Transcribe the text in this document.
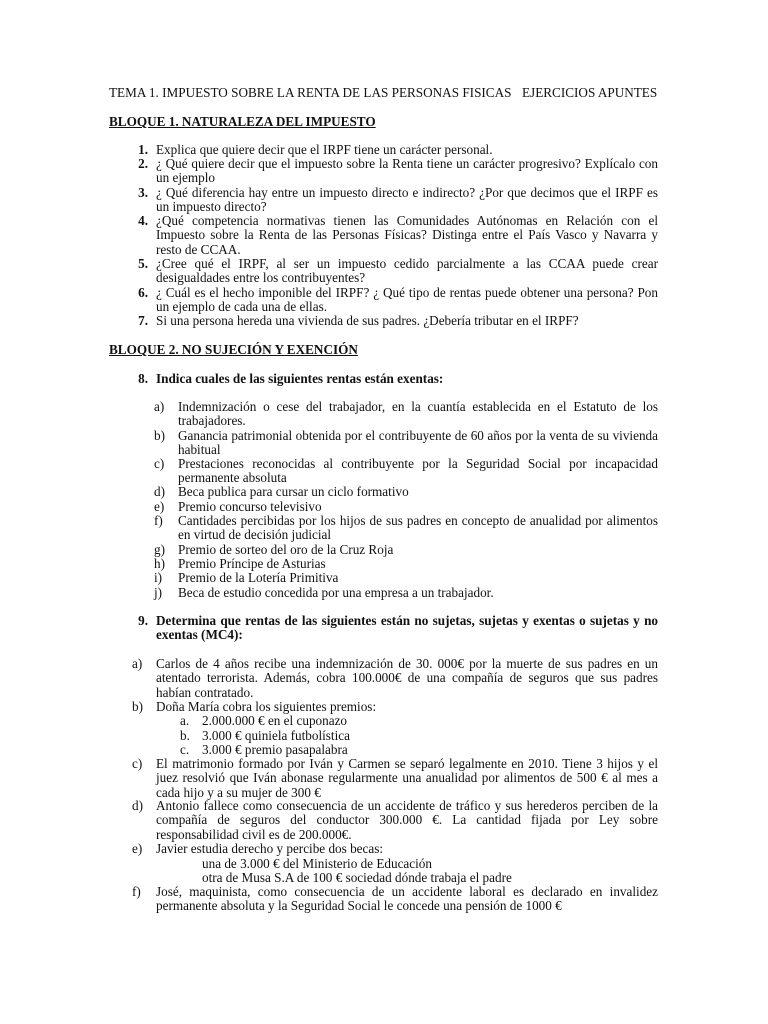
TEMA 1. IMPUESTO SOBRE LA RENTA DE LAS PERSONAS FISICAS EJERCICIOS APUNTES
BLOQUE 1. NATURALEZA DEL IMPUESTO
1. Explica que quiere decir que el IRPF tiene un carácter personal.
2. ¿ Qué quiere decir que el impuesto sobre la Renta tiene un carácter progresivo? Explícalo con un ejemplo
3. ¿ Qué diferencia hay entre un impuesto directo e indirecto? ¿Por que decimos que el IRPF es un impuesto directo?
4. ¿Qué competencia normativas tienen las Comunidades Autónomas en Relación con el Impuesto sobre la Renta de las Personas Físicas? Distinga entre el País Vasco y Navarra y resto de CCAA.
5. ¿Cree qué el IRPF, al ser un impuesto cedido parcialmente a las CCAA puede crear desigualdades entre los contribuyentes?
6. ¿ Cuál es el hecho imponible del IRPF? ¿ Qué tipo de rentas puede obtener una persona? Pon un ejemplo de cada una de ellas.
7. Si una persona hereda una vivienda de sus padres. ¿Debería tributar en el IRPF?
BLOQUE 2. NO SUJECIÓN Y EXENCIÓN
8. Indica cuales de las siguientes rentas están exentas:
a) Indemnización o cese del trabajador, en la cuantía establecida en el Estatuto de los trabajadores.
b) Ganancia patrimonial obtenida por el contribuyente de 60 años por la venta de su vivienda habitual
c) Prestaciones reconocidas al contribuyente por la Seguridad Social por incapacidad permanente absoluta
d) Beca publica para cursar un ciclo formativo
e) Premio concurso televisivo
f) Cantidades percibidas por los hijos de sus padres en concepto de anualidad por alimentos en virtud de decisión judicial
g) Premio de sorteo del oro de la Cruz Roja
h) Premio Príncipe de Asturias
i) Premio de la Lotería Primitiva
j) Beca de estudio concedida por una empresa a un trabajador.
9. Determina que rentas de las siguientes están no sujetas, sujetas y exentas o sujetas y no exentas (MC4):
a) Carlos de 4 años recibe una indemnización de 30. 000€ por la muerte de sus padres en un atentado terrorista. Además, cobra 100.000€ de una compañía de seguros que sus padres habían contratado.
b) Doña María cobra los siguientes premios:
a. 2.000.000 € en el cuponazo
b. 3.000 € quiniela futbolística
c. 3.000 € premio pasapalabra
c) El matrimonio formado por Iván y Carmen se separó legalmente en 2010. Tiene 3 hijos y el juez resolvió que Iván abonase regularmente una anualidad por alimentos de 500 € al mes a cada hijo y a su mujer de 300 €
d) Antonio fallece como consecuencia de un accidente de tráfico y sus herederos perciben de la compañía de seguros del conductor 300.000 €. La cantidad fijada por Ley sobre responsabilidad civil es de 200.000€.
e) Javier estudia derecho y percibe dos becas:
una de 3.000 € del Ministerio de Educación
otra de Musa S.A de 100 € sociedad dónde trabaja el padre
f) José, maquinista, como consecuencia de un accidente laboral es declarado en invalidez permanente absoluta y la Seguridad Social le concede una pensión de 1000 €
